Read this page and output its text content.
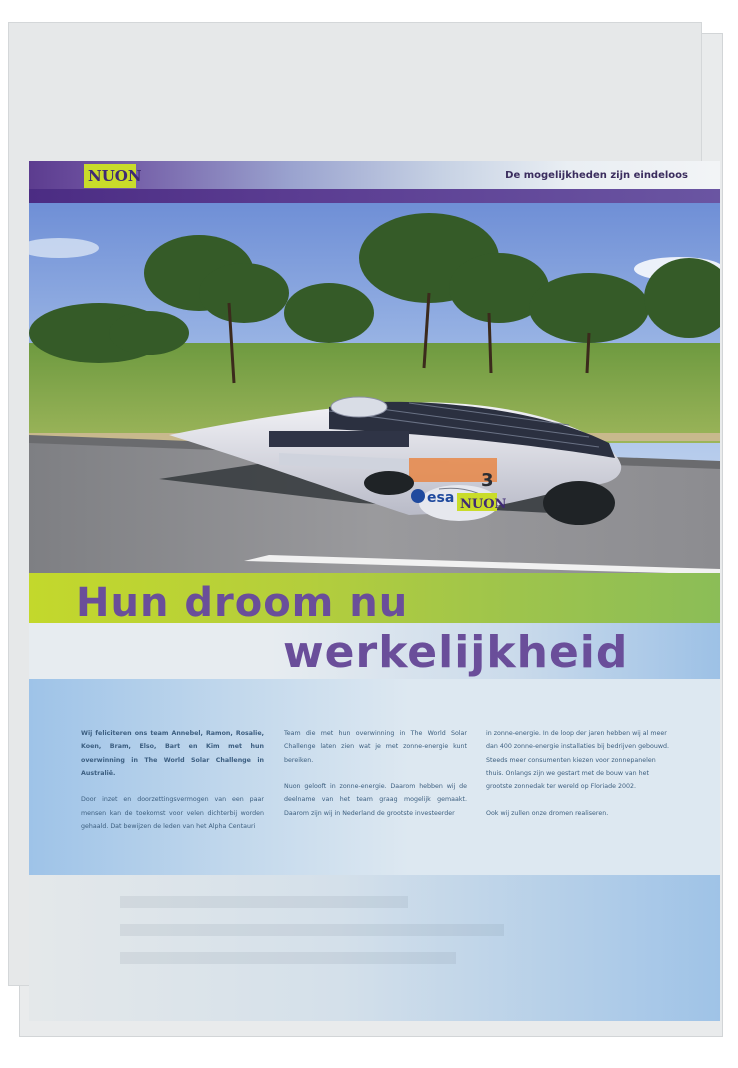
NUON	De mogelijkheden zijn eindeloos
3
esa NUON
Hun droom nu
werkelijkheid

Wij feliciteren ons team Annebel, Ramon, Rosalie, Koen, Bram, Elso, Bart en Kim met hun overwinning in The World Solar Challenge in Australië.

Door inzet en doorzettingsvermogen van een paar mensen kan de toekomst voor velen dichterbij worden gehaald. Dat bewijzen de leden van het Alpha Centauri

Team die met hun overwinning in The World Solar Challenge laten zien wat je met zonne-energie kunt bereiken.

Nuon gelooft in zonne-energie. Daarom hebben wij de deelname van het team graag mogelijk gemaakt. Daarom zijn wij in Nederland de grootste investeerder

in zonne-energie. In de loop der jaren hebben wij al meer dan 400 zonne-energie installaties bij bedrijven gebouwd. Steeds meer consumenten kiezen voor zonnepanelen thuis. Onlangs zijn we gestart met de bouw van het grootste zonnedak ter wereld op Floriade 2002.

Ook wij zullen onze dromen realiseren.
